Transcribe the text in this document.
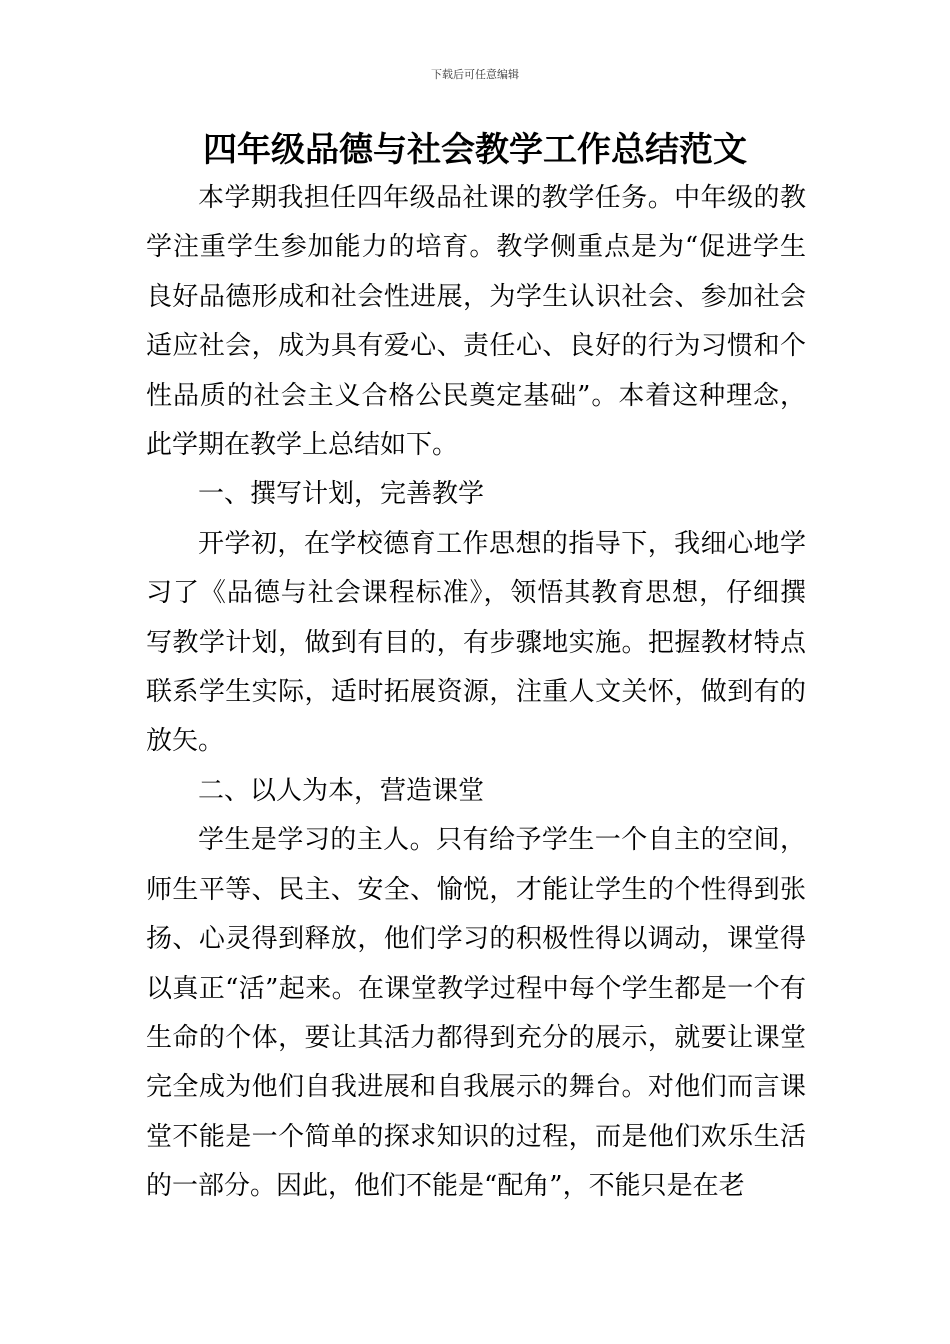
下载后可任意编辑
四年级品德与社会教学工作总结范文

本学期我担任四年级品社课的教学任务。中年级的教学注重学生参加能力的培育。教学侧重点是为“促进学生良好品德形成和社会性进展，为学生认识社会、参加社会适应社会，成为具有爱心、责任心、良好的行为习惯和个性品质的社会主义合格公民奠定基础”。本着这种理念，此学期在教学上总结如下。

一、撰写计划，完善教学

开学初，在学校德育工作思想的指导下，我细心地学习了《品德与社会课程标准》，领悟其教育思想，仔细撰写教学计划，做到有目的，有步骤地实施。把握教材特点联系学生实际，适时拓展资源，注重人文关怀，做到有的放矢。

二、以人为本，营造课堂

学生是学习的主人。只有给予学生一个自主的空间，师生平等、民主、安全、愉悦，才能让学生的个性得到张扬、心灵得到释放，他们学习的积极性得以调动，课堂得以真正“活”起来。在课堂教学过程中每个学生都是一个有生命的个体，要让其活力都得到充分的展示，就要让课堂完全成为他们自我进展和自我展示的舞台。对他们而言课堂不能是一个简单的探求知识的过程，而是他们欢乐生活的一部分。因此，他们不能是“配角”，不能只是在老
